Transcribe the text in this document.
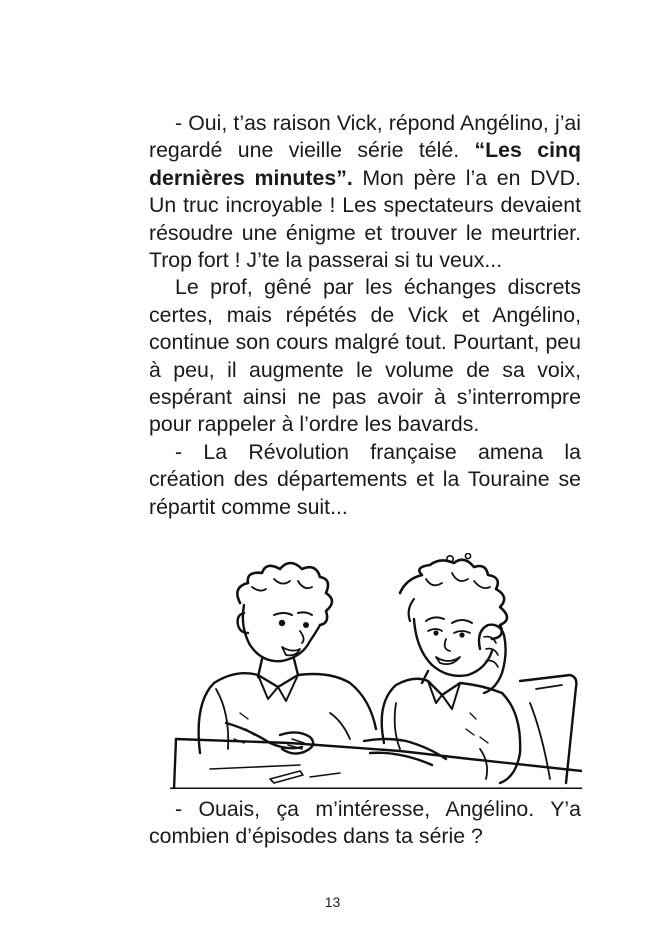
- Oui, t’as raison Vick, répond Angélino, j’ai regardé une vieille série télé. “Les cinq dernières minutes”. Mon père l’a en DVD. Un truc incroyable ! Les spectateurs devaient résoudre une énigme et trouver le meurtrier. Trop fort ! J’te la passerai si tu veux...

Le prof, gêné par les échanges discrets certes, mais répétés de Vick et Angélino, continue son cours malgré tout. Pourtant, peu à peu, il augmente le volume de sa voix, espérant ainsi ne pas avoir à s’interrompre pour rappeler à l’ordre les bavards.

- La Révolution française amena la création des départements et la Touraine se répartit comme suit...

- Ouais, ça m’intéresse, Angélino. Y’a combien d’épisodes dans ta série ?

13
